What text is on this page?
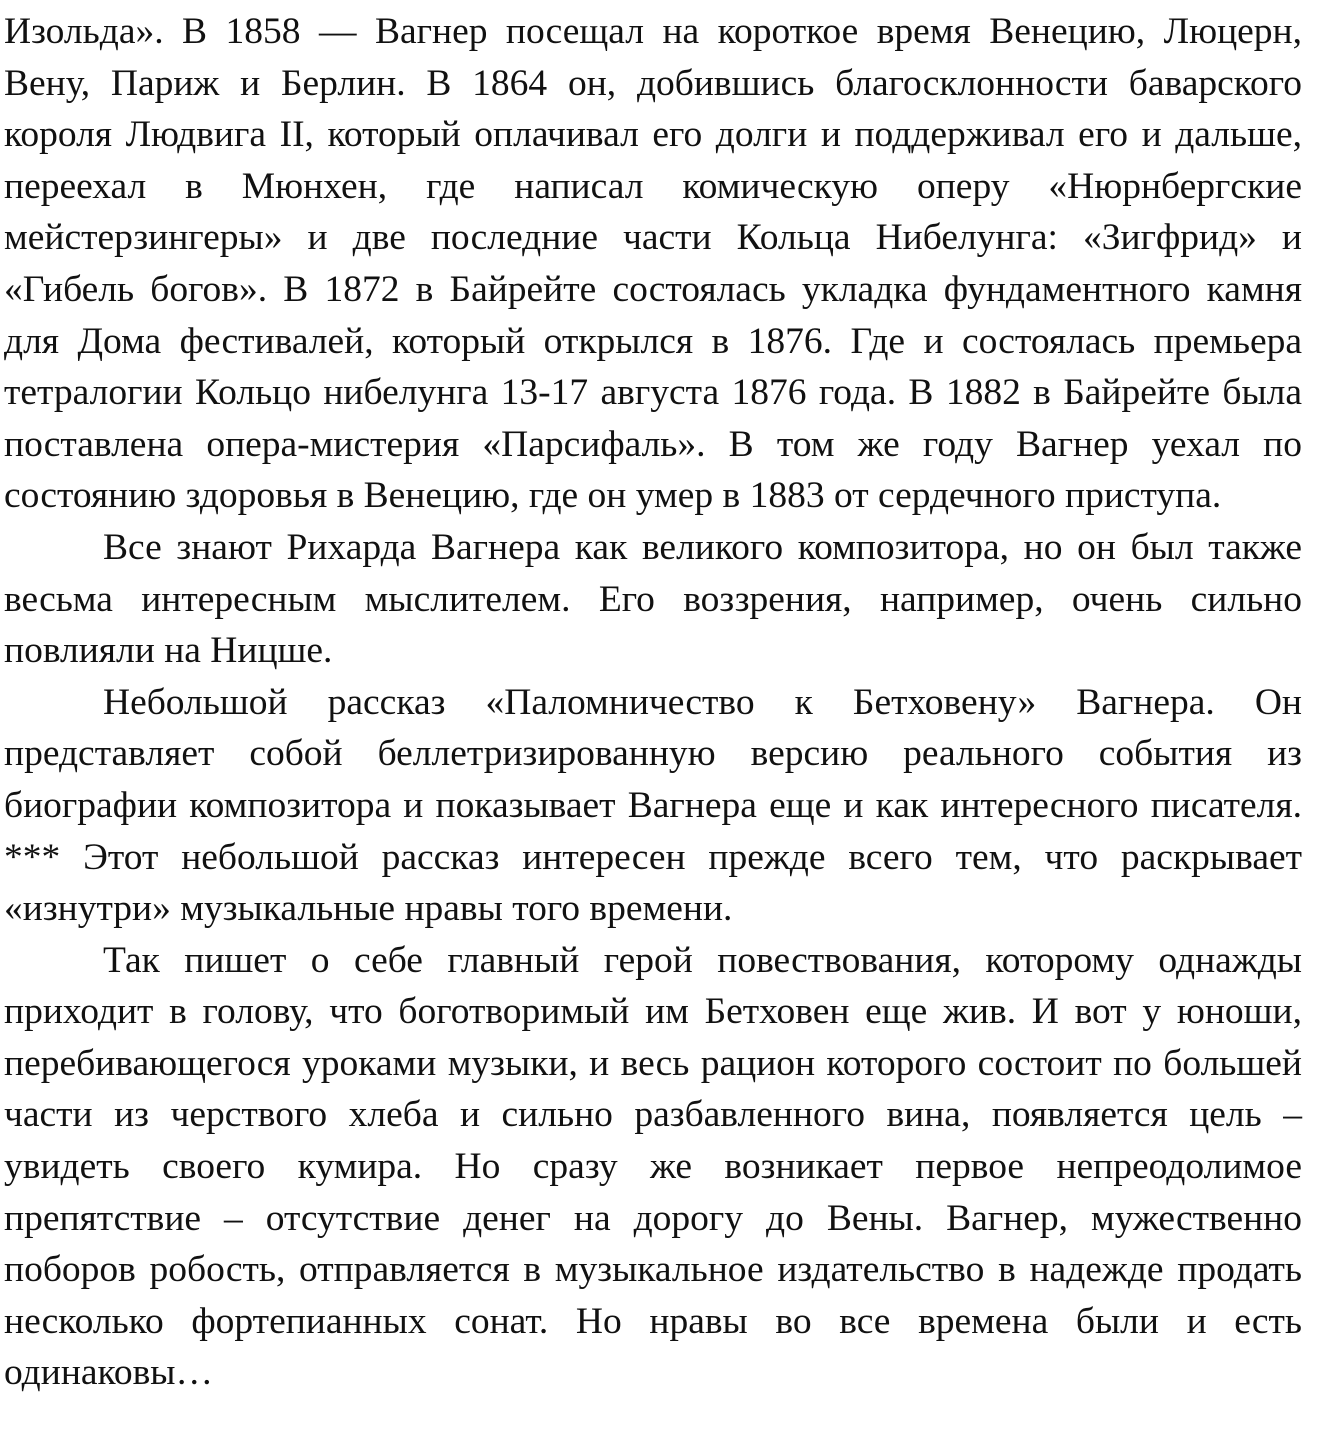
Изольда». В 1858 — Вагнер посещал на короткое время Венецию, Люцерн, Вену, Париж и Берлин. В 1864 он, добившись благосклонности баварского короля Людвига II, который оплачивал его долги и поддерживал его и дальше, переехал в Мюнхен, где написал комическую оперу «Нюрнбергские мейстерзингеры» и две последние части Кольца Нибелунга: «Зигфрид» и «Гибель богов». В 1872 в Байрейте состоялась укладка фундаментного камня для Дома фестивалей, который открылся в 1876. Где и состоялась премьера тетралогии Кольцо нибелунга 13-17 августа 1876 года. В 1882 в Байрейте была поставлена опера-мистерия «Парсифаль». В том же году Вагнер уехал по состоянию здоровья в Венецию, где он умер в 1883 от сердечного приступа.

Все знают Рихарда Вагнера как великого композитора, но он был также весьма интересным мыслителем. Его воззрения, например, очень сильно повлияли на Ницше.

Небольшой рассказ «Паломничество к Бетховену» Вагнера. Он представляет собой беллетризированную версию реального события из биографии композитора и показывает Вагнера еще и как интересного писателя. *** Этот небольшой рассказ интересен прежде всего тем, что раскрывает «изнутри» музыкальные нравы того времени.

Так пишет о себе главный герой повествования, которому однажды приходит в голову, что боготворимый им Бетховен еще жив. И вот у юноши, перебивающегося уроками музыки, и весь рацион которого состоит по большей части из черствого хлеба и сильно разбавленного вина, появляется цель – увидеть своего кумира. Но сразу же возникает первое непреодолимое препятствие – отсутствие денег на дорогу до Вены. Вагнер, мужественно поборов робость, отправляется в музыкальное издательство в надежде продать несколько фортепианных сонат. Но нравы во все времена были и есть одинаковы…
